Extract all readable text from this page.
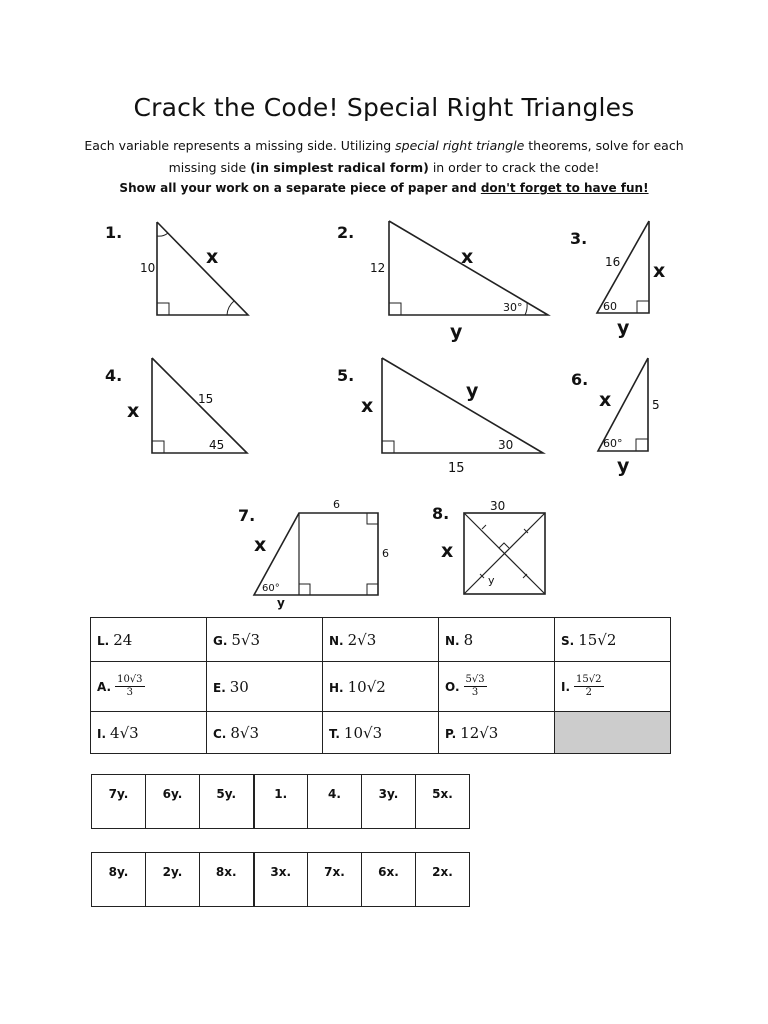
Crack the Code! Special Right Triangles
Each variable represents a missing side. Utilizing special right triangle theorems, solve for each missing side (in simplest radical form) in order to crack the code!
Show all your work on a separate piece of paper and don't forget to have fun!
1.
10	x
2.
12	x
30°
y
3.
16 x
60
y
4.
x
15
45
5.
x
y
30
15
6.
x	5
60°
y
7.
6
x	6
60°
y
8.	30
x
y
L. 24	G. 5√3	N. 2√3	N. 8	S. 15√2
A. $\frac{10√3}{3}$	E. 30	H. 10√2	O. $\frac{5√3}{3}$	I. $\frac{15√2}{2}$

I. 4√3	C. 8√3	T. 10√3	P. 12√3	
7y.	6y.	5y.	1.	4.	3y.	5x.
8y.	2y.	8x.	3x.	7x.	6x.	2x.
